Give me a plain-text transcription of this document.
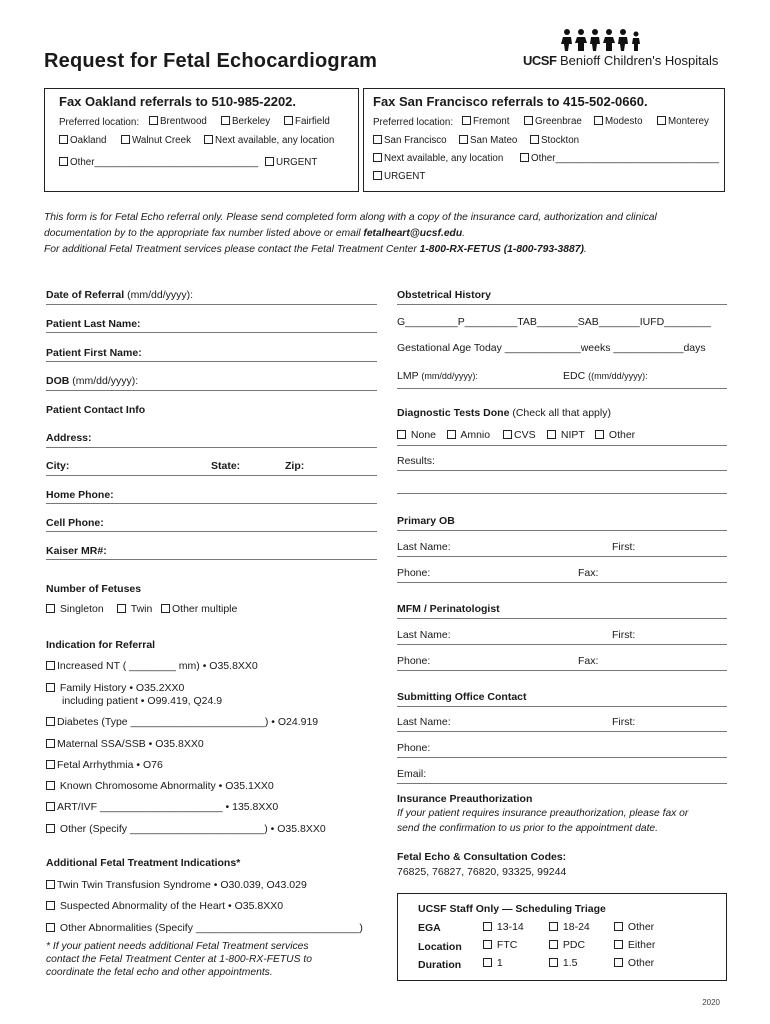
Request for Fetal Echocardiogram	UCSF Benioff Children's Hospitals
Fax Oakland referrals to 510-985-2202.
Preferred location:	Brentwood	Berkeley	Fairfield
Oakland	Walnut Creek	Next available, any location
Other______________________________	URGENT
Fax San Francisco referrals to 415-502-0660.
Preferred location:	Fremont	Greenbrae	Modesto	Monterey
San Francisco	San Mateo	Stockton
Next available, any location	Other______________________________
URGENT
This form is for Fetal Echo referral only. Please send completed form along with a copy of the insurance card, authorization and clinical
documentation by to the appropriate fax number listed above or email fetalheart@ucsf.edu.
For additional Fetal Treatment services please contact the Fetal Treatment Center 1-800-RX-FETUS (1-800-793-3887).
Date of Referral (mm/dd/yyyy):
Patient Last Name:
Patient First Name:
DOB (mm/dd/yyyy):
Patient Contact Info
Address:
City:	State:	Zip:
Home Phone:
Cell Phone:
Kaiser MR#:
Number of Fetuses
Singleton	Twin	Other multiple
Indication for Referral
Increased NT ( ________ mm) • O35.8XX0
Family History • O35.2XX0
including patient • O99.419, Q24.9
Diabetes (Type _______________________) • O24.919
Maternal SSA/SSB • O35.8XX0
Fetal Arrhythmia • O76
Known Chromosome Abnormality • O35.1XX0
ART/IVF _____________________ • 135.8XX0
Other (Specify _______________________) • O35.8XX0
Additional Fetal Treatment Indications*
Twin Twin Transfusion Syndrome • O30.039, O43.029
Suspected Abnormality of the Heart • O35.8XX0
Other Abnormalities (Specify ____________________________)
* If your patient needs additional Fetal Treatment services
contact the Fetal Treatment Center at 1-800-RX-FETUS to
coordinate the fetal echo and other appointments.
Obstetrical History
G_________P_________TAB_______SAB_______IUFD________
Gestational Age Today _____________weeks ____________days
LMP (mm/dd/yyyy):	EDC ((mm/dd/yyyy):
Diagnostic Tests Done (Check all that apply)
None	Amnio	CVS	NIPT	Other
Results:
Primary OB
Last Name:	First:
Phone:	Fax:
MFM / Perinatologist
Last Name:	First:
Phone:	Fax:
Submitting Office Contact
Last Name:	First:
Phone:
Email:
Insurance Preauthorization
If your patient requires insurance preauthorization, please fax or
send the confirmation to us prior to the appointment date.
Fetal Echo & Consultation Codes:
76825, 76827, 76820, 93325, 99244
UCSF Staff Only — Scheduling Triage
EGA	13-14	18-24	Other
Location	FTC	PDC	Either
Duration	1	1.5	Other
2020
